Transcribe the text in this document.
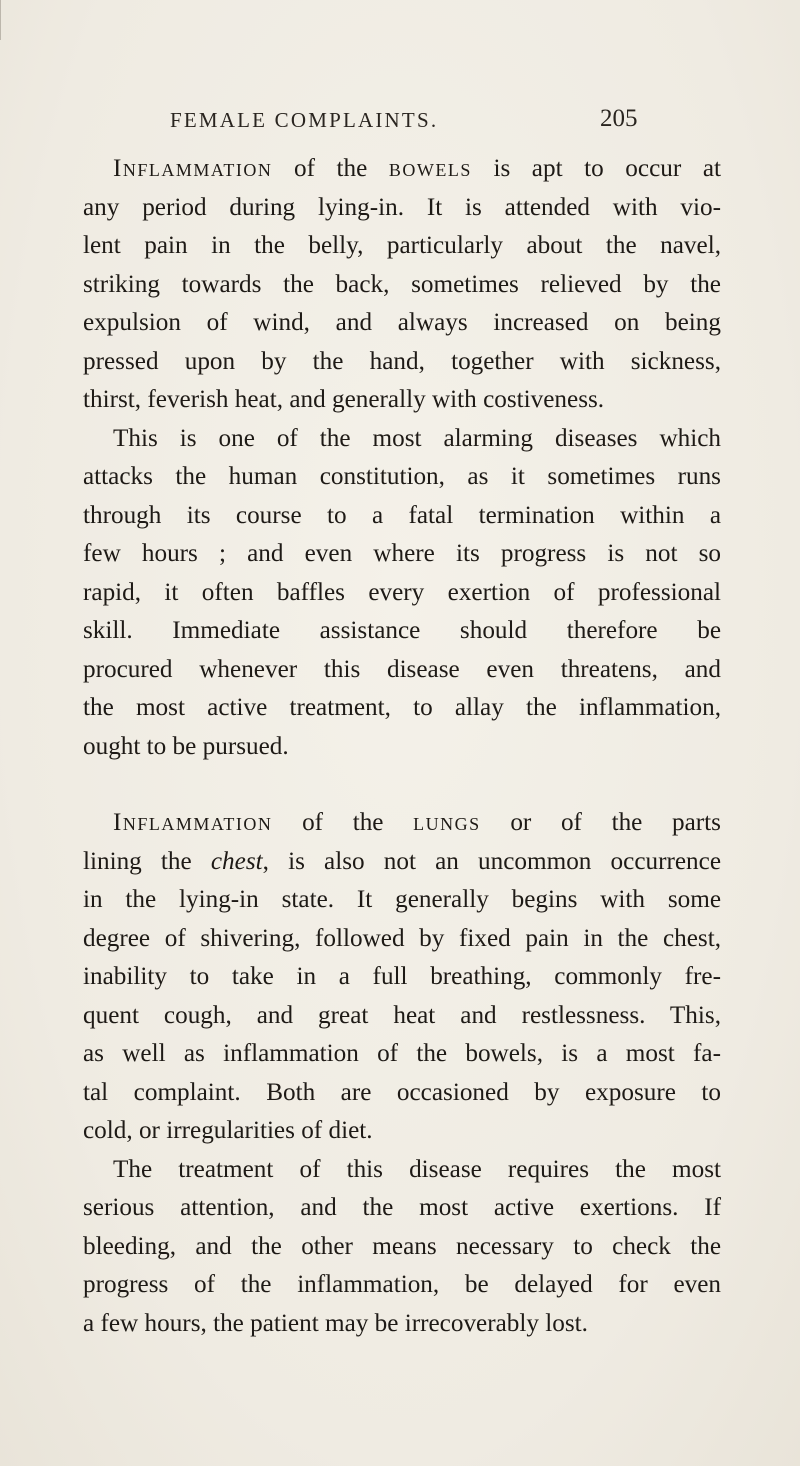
FEMALE COMPLAINTS.	205
Inflammation of the bowels is apt to occur at
any period during lying-in. It is attended with vio-
lent pain in the belly, particularly about the navel,
striking towards the back, sometimes relieved by the
expulsion of wind, and always increased on being
pressed upon by the hand, together with sickness,
thirst, feverish heat, and generally with costiveness.
This is one of the most alarming diseases which
attacks the human constitution, as it sometimes runs
through its course to a fatal termination within a
few hours ; and even where its progress is not so
rapid, it often baffles every exertion of professional
skill. Immediate assistance should therefore be
procured whenever this disease even threatens, and
the most active treatment, to allay the inflammation,
ought to be pursued.
Inflammation of the lungs or of the parts
lining the chest, is also not an uncommon occurrence
in the lying-in state. It generally begins with some
degree of shivering, followed by fixed pain in the chest,
inability to take in a full breathing, commonly fre-
quent cough, and great heat and restlessness. This,
as well as inflammation of the bowels, is a most fa-
tal complaint. Both are occasioned by exposure to
cold, or irregularities of diet.
The treatment of this disease requires the most
serious attention, and the most active exertions. If
bleeding, and the other means necessary to check the
progress of the inflammation, be delayed for even
a few hours, the patient may be irrecoverably lost.
